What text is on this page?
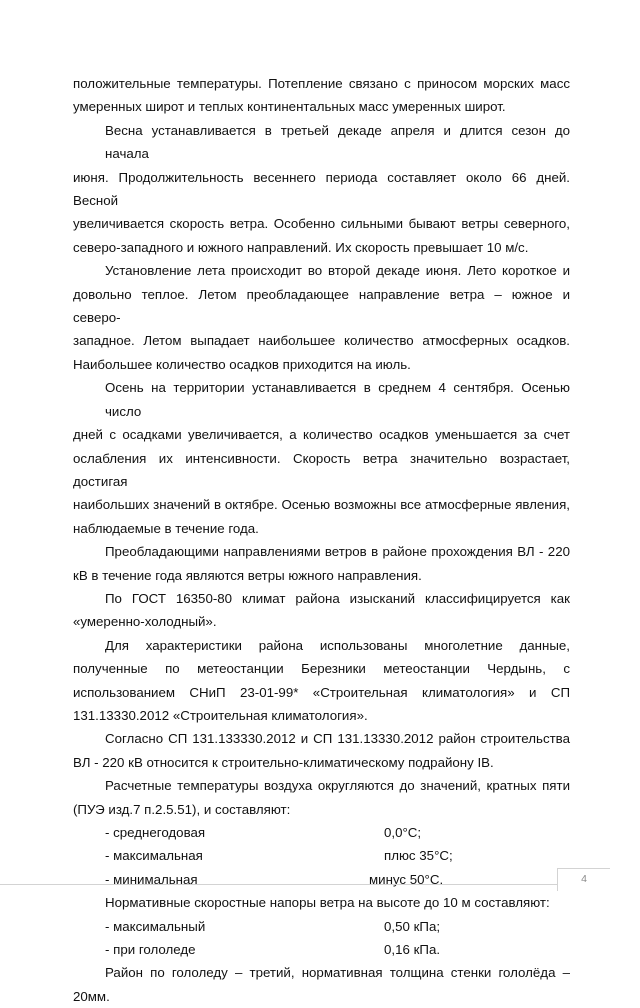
положительные температуры. Потепление связано с приносом морских масс
умеренных широт и теплых континентальных масс умеренных широт.

Весна устанавливается в третьей декаде апреля и длится сезон до начала
июня. Продолжительность весеннего периода составляет около 66 дней. Весной
увеличивается скорость ветра. Особенно сильными бывают ветры северного,
северо-западного и южного направлений. Их скорость превышает 10 м/с.

Установление лета происходит во второй декаде июня. Лето короткое и
довольно теплое. Летом преобладающее направление ветра – южное и северо-
западное. Летом выпадает наибольшее количество атмосферных осадков.
Наибольшее количество осадков приходится на июль.

Осень на территории устанавливается в среднем 4 сентября. Осенью число
дней с осадками увеличивается, а количество осадков уменьшается за счет
ослабления их интенсивности. Скорость ветра значительно возрастает, достигая
наибольших значений в октябре. Осенью возможны все атмосферные явления,
наблюдаемые в течение года.

Преобладающими направлениями ветров в районе прохождения ВЛ - 220
кВ в течение года являются ветры южного направления.

По ГОСТ 16350-80 климат района изысканий классифицируется как
«умеренно-холодный».

Для характеристики района использованы многолетние данные,
полученные по метеостанции Березники метеостанции Чердынь, с
использованием СНиП 23-01-99* «Строительная климатология» и СП
131.13330.2012 «Строительная климатология».

Согласно СП 131.133330.2012 и СП 131.13330.2012 район строительства
ВЛ - 220 кВ относится к строительно-климатическому подрайону IВ.

Расчетные температуры воздуха округляются до значений, кратных пяти
(ПУЭ изд.7 п.2.5.51), и составляют:

- среднегодовая	0,0°С;
- максимальная	плюс 35°С;
- минимальная	минус 50°С.

Нормативные скоростные напоры ветра на высоте до 10 м составляют:

- максимальный	0,50 кПа;
- при гололеде	0,16 кПа.

Район по гололеду – третий, нормативная толщина стенки гололёда –
20мм.

4
